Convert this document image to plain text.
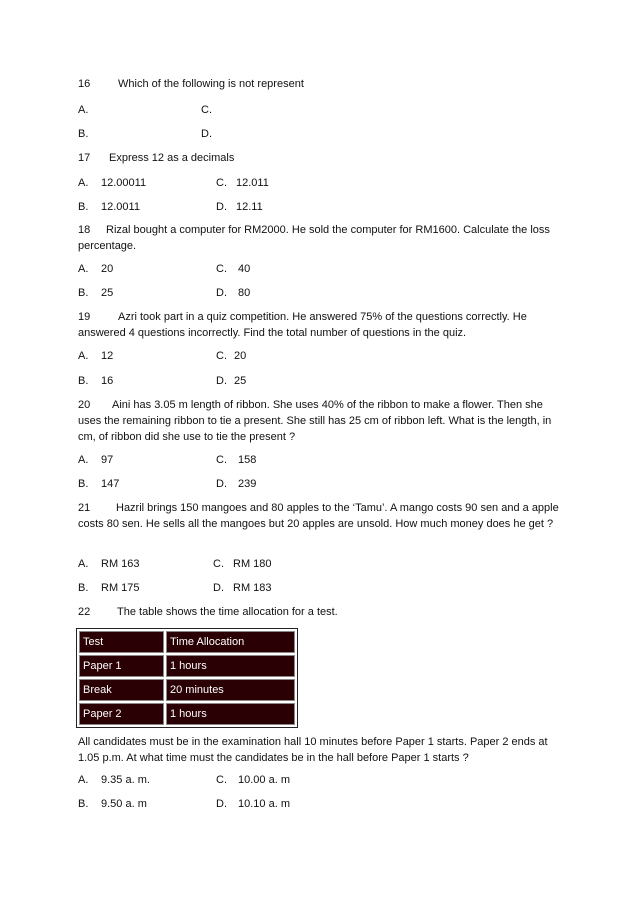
16	Which of the following is not represent
A.	C.
B.	D.
17 Express 12 as a decimals
A. 12.00011	C. 12.011
B. 12.0011	D. 12.11
18	Rizal bought a computer for RM2000. He sold the computer for RM1600. Calculate the loss percentage.
A. 20	C. 40
B. 25	D. 80
19	Azri took part in a quiz competition. He answered 75% of the questions correctly. He answered 4 questions incorrectly. Find the total number of questions in the quiz.
A. 12	C. 20
B. 16	D. 25
20	Aini has 3.05 m length of ribbon. She uses 40% of the ribbon to make a flower. Then she uses the remaining ribbon to tie a present. She still has 25 cm of ribbon left. What is the length, in cm, of ribbon did she use to tie the present ?
A. 97	C. 158
B. 147	D. 239
21	Hazril brings 150 mangoes and 80 apples to the ‘Tamu’. A mango costs 90 sen and a apple costs 80 sen. He sells all the mangoes but 20 apples are unsold. How much money does he get ?
A. RM 163	C. RM 180
B. RM 175	D. RM 183
22 The table shows the time allocation for a test.
Test	Time Allocation
Paper 1	1 hours
Break	20 minutes
Paper 2	1 hours
All candidates must be in the examination hall 10 minutes before Paper 1 starts. Paper 2 ends at 1.05 p.m. At what time must the candidates be in the hall before Paper 1 starts ?
A. 9.35 a. m.	C. 10.00 a. m
B. 9.50 a. m	D. 10.10 a. m
